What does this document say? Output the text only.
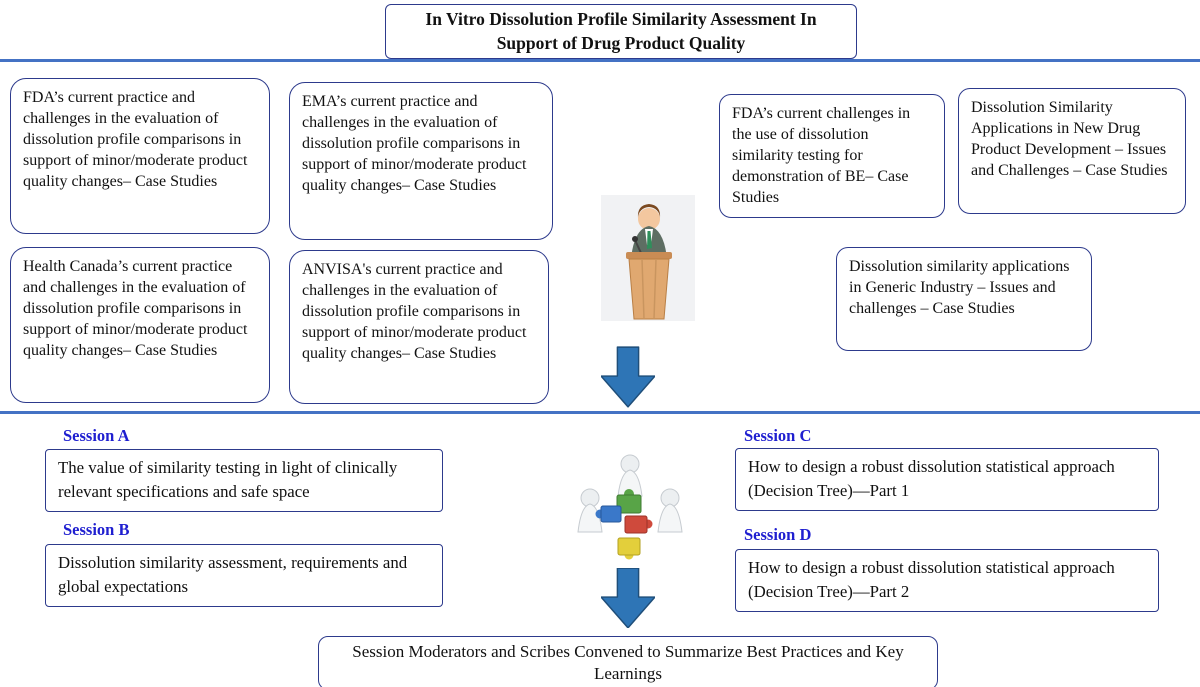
In Vitro Dissolution Profile Similarity Assessment In Support of Drug Product Quality
FDA’s current practice and challenges in the evaluation of dissolution profile comparisons in support of minor/moderate product quality changes– Case Studies
EMA’s current practice and challenges in the evaluation of dissolution profile comparisons in support of minor/moderate product quality changes– Case Studies
Health Canada’s current practice and challenges in the evaluation of dissolution profile comparisons in support of minor/moderate product quality changes– Case Studies
ANVISA's current practice and challenges in the evaluation of dissolution profile comparisons in support of minor/moderate product quality changes– Case Studies
FDA’s current challenges in the use of dissolution similarity testing for demonstration of BE– Case Studies
Dissolution Similarity Applications in New Drug Product Development – Issues and Challenges – Case Studies
Dissolution similarity applications in Generic Industry – Issues and challenges – Case Studies
Session A
The value of similarity testing in light of clinically relevant specifications and safe space
Session B
Dissolution similarity assessment, requirements and global expectations
Session C
How to design a robust dissolution statistical approach (Decision Tree)—Part 1
Session D
How to design a robust dissolution statistical approach (Decision Tree)—Part 2
Session Moderators and Scribes Convened to Summarize Best Practices and Key Learnings
